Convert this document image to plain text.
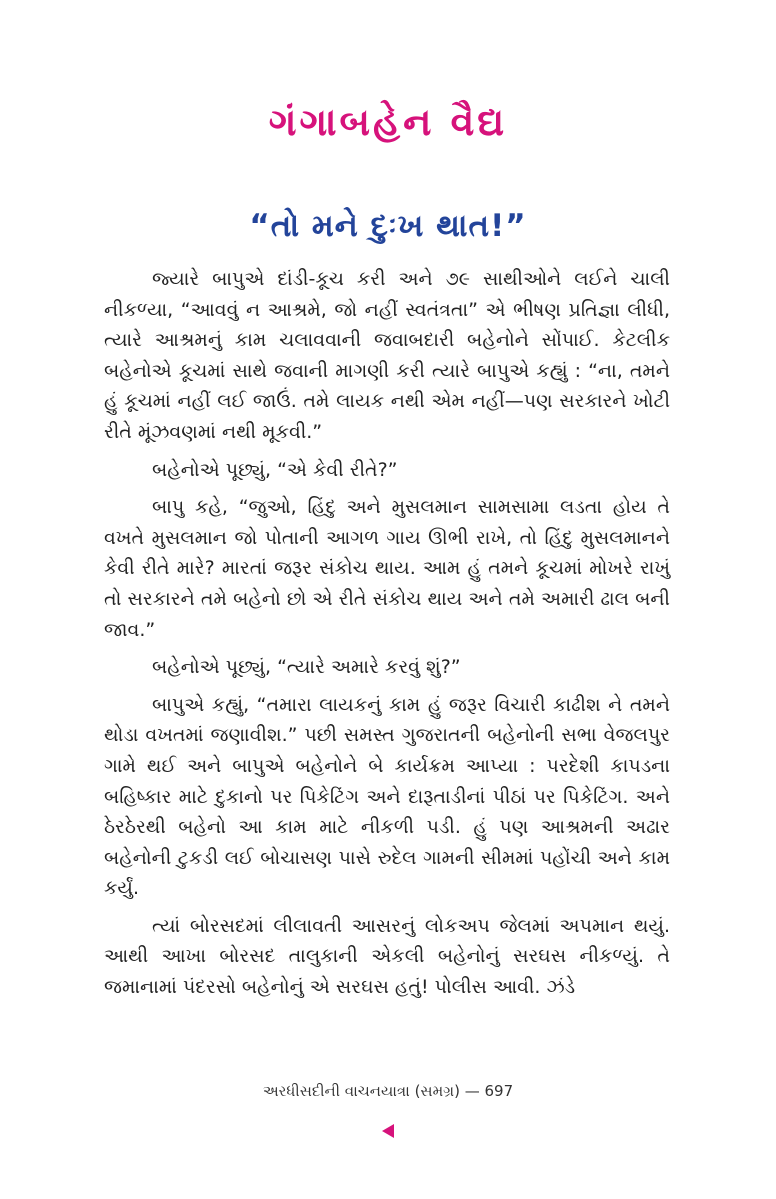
ગંગાબહેન વૈદ્ય
“તો મને દુઃખ થાત!”

જ્યારે બાપુએ દાંડી-કૂચ કરી અને ૭૯ સાથીઓને લઈને ચાલી નીકળ્યા, “આવવું ન આશ્રમે, જો નહીં સ્વતંત્રતા” એ ભીષણ પ્રતિજ્ઞા લીધી, ત્યારે આશ્રમનું કામ ચલાવવાની જવાબદારી બહેનોને સોંપાઈ. કેટલીક બહેનોએ કૂચમાં સાથે જવાની માગણી કરી ત્યારે બાપુએ કહ્યું : “ના, તમને હું કૂચમાં નહીં લઈ જાઉં. તમે લાયક નથી એમ નહીં—પણ સરકારને ખોટી રીતે મૂંઝવણમાં નથી મૂકવી.”

બહેનોએ પૂછ્યું, “એ કેવી રીતે?”

બાપુ કહે, “જુઓ, હિંદુ અને મુસલમાન સામસામા લડતા હોય તે વખતે મુસલમાન જો પોતાની આગળ ગાય ઊભી રાખે, તો હિંદુ મુસલમાનને કેવી રીતે મારે? મારતાં જરૂર સંકોચ થાય. આમ હું તમને કૂચમાં મોખરે રાખું તો સરકારને તમે બહેનો છો એ રીતે સંકોચ થાય અને તમે અમારી ઢાલ બની જાવ.”

બહેનોએ પૂછ્યું, “ત્યારે અમારે કરવું શું?”

બાપુએ કહ્યું, “તમારા લાયકનું કામ હું જરૂર વિચારી કાઢીશ ને તમને થોડા વખતમાં જણાવીશ.” પછી સમસ્ત ગુજરાતની બહેનોની સભા વેજલપુર ગામે થઈ અને બાપુએ બહેનોને બે કાર્યક્રમ આપ્યા : પરદેશી કાપડના બહિષ્કાર માટે દુકાનો પર પિકેટિંગ અને દારૂતાડીનાં પીઠાં પર પિકેટિંગ. અને ઠેરઠેરથી બહેનો આ કામ માટે નીકળી પડી. હું પણ આશ્રમની અઢાર બહેનોની ટુકડી લઈ બોચાસણ પાસે રુદેલ ગામની સીમમાં પહોંચી અને કામ કર્યું.

ત્યાં બોરસદમાં લીલાવતી આસરનું લોકઅપ જેલમાં અપમાન થયું. આથી આખા બોરસદ તાલુકાની એકલી બહેનોનું સરઘસ નીકળ્યું. તે જમાનામાં પંદરસો બહેનોનું એ સરઘસ હતું! પોલીસ આવી. ઝંડે

અરધીસદીની વાચનયાત્રા (સમગ્ર) — 697
